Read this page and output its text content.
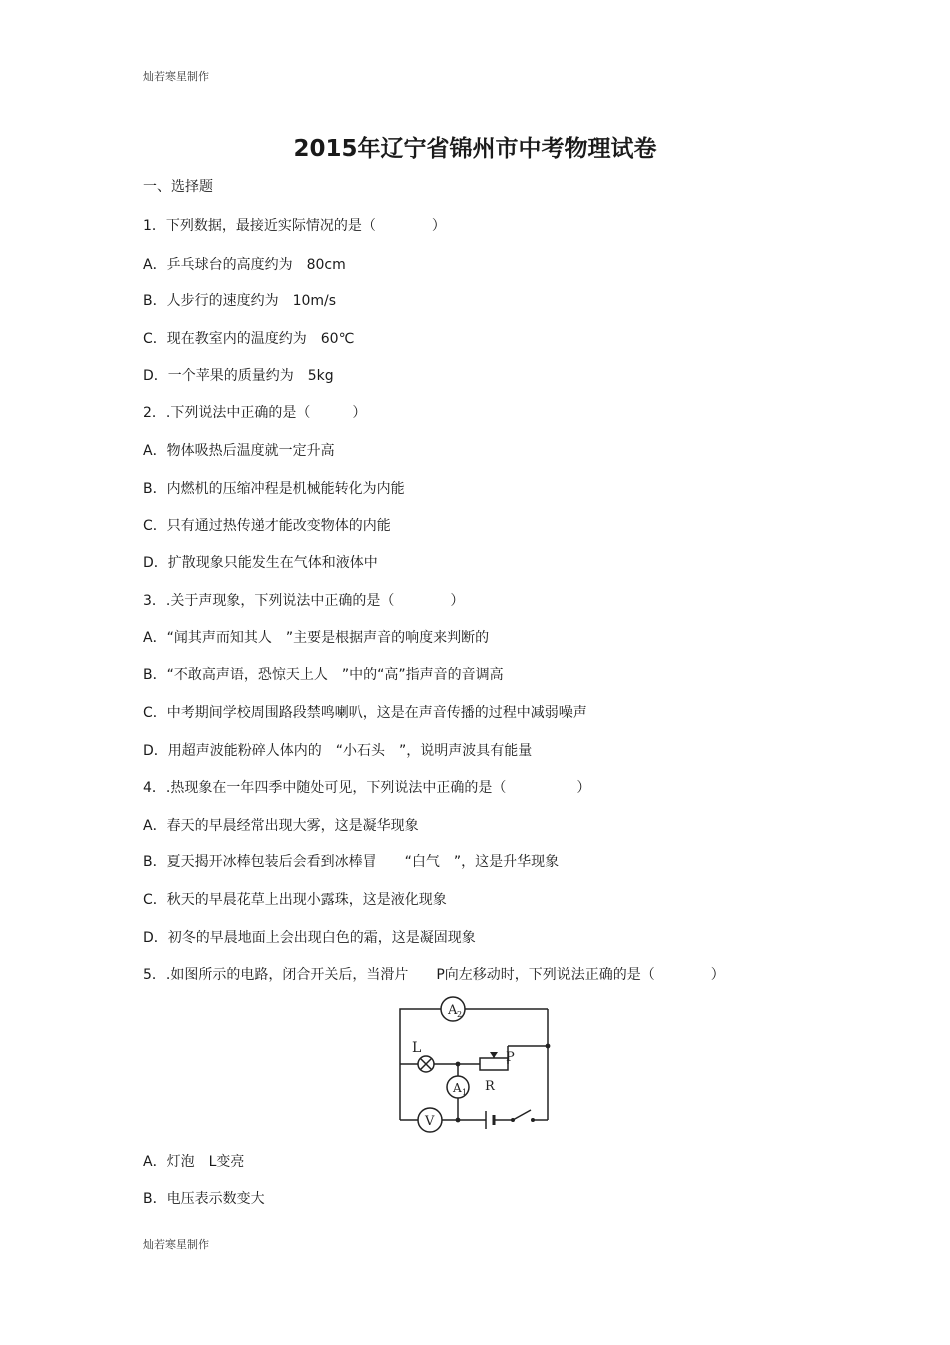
灿若寒星制作
2015年辽宁省锦州市中考物理试卷
一、选择题
1．下列数据，最接近实际情况的是（　　　　）
A．乒乓球台的高度约为　80cm
B．人步行的速度约为　10m/s
C．现在教室内的温度约为　60℃
D．一个苹果的质量约为　5kg
2．.下列说法中正确的是（　　　）
A．物体吸热后温度就一定升高
B．内燃机的压缩冲程是机械能转化为内能
C．只有通过热传递才能改变物体的内能
D．扩散现象只能发生在气体和液体中
3．.关于声现象，下列说法中正确的是（　　　　）
A．“闻其声而知其人　”主要是根据声音的响度来判断的
B．“不敢高声语，恐惊天上人　”中的“高”指声音的音调高
C．中考期间学校周围路段禁鸣喇叭，这是在声音传播的过程中减弱噪声
D．用超声波能粉碎人体内的　“小石头　”，说明声波具有能量
4．.热现象在一年四季中随处可见，下列说法中正确的是（　　　　　）
A．春天的早晨经常出现大雾，这是凝华现象
B．夏天揭开冰棒包装后会看到冰棒冒　　“白气　”，这是升华现象
C．秋天的早晨花草上出现小露珠，这是液化现象
D．初冬的早晨地面上会出现白色的霜，这是凝固现象
5．.如图所示的电路，闭合开关后，当滑片　　P向左移动时，下列说法正确的是（　　　　）
A 2
A 1
V
L
P
R
A．灯泡　L变亮
B．电压表示数变大
灿若寒星制作
